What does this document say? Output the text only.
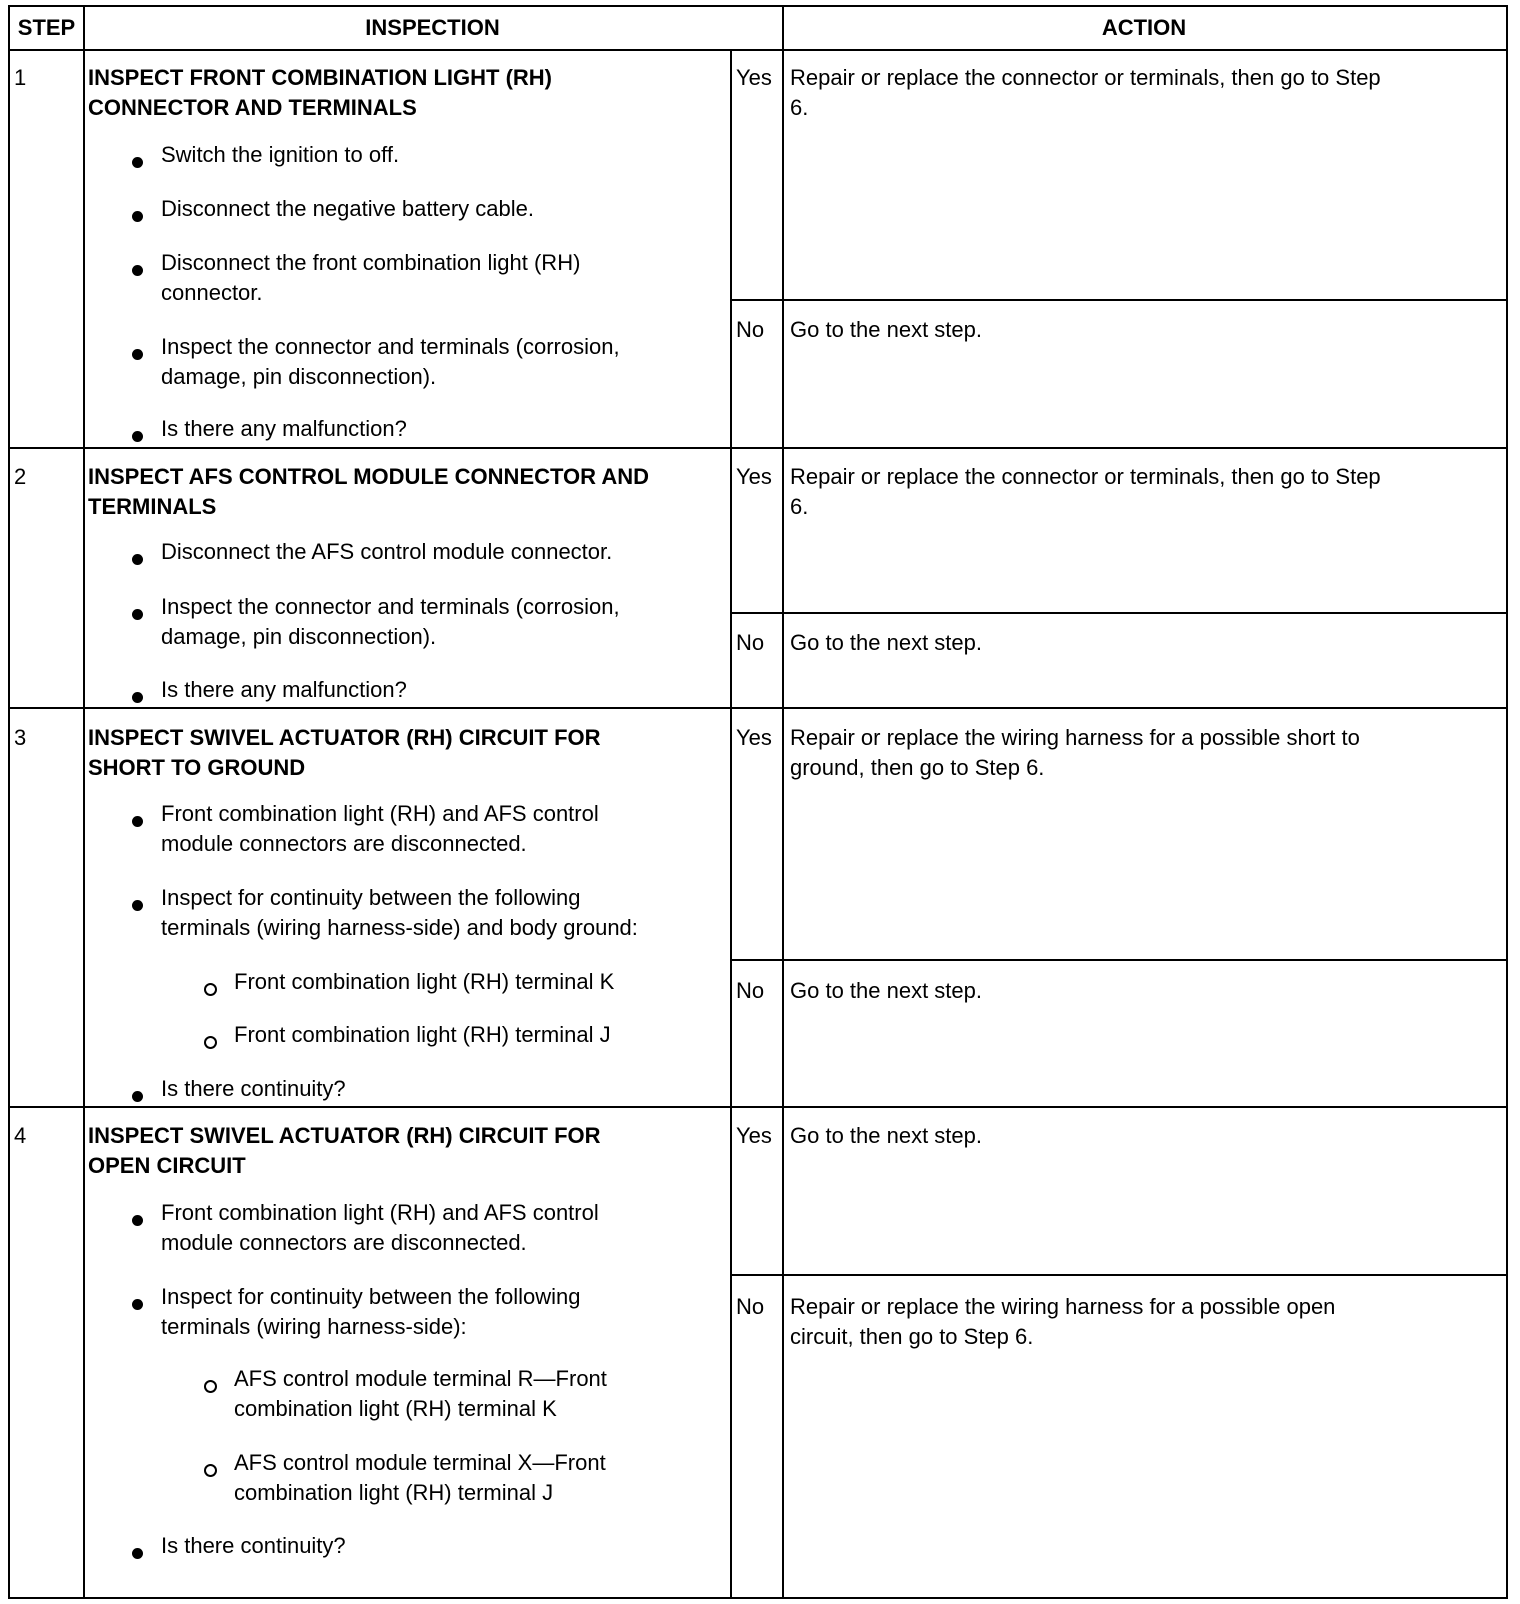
STEP	INSPECTION	ACTION
1	INSPECT FRONT COMBINATION LIGHT (RH)
CONNECTOR AND TERMINALS
Switch the ignition to off.
Disconnect the negative battery cable.
Disconnect the front combination light (RH)
connector.
Inspect the connector and terminals (corrosion,
damage, pin disconnection).
Is there any malfunction?
Yes Repair or replace the connector or terminals, then go to Step
6.
No Go to the next step.
2	INSPECT AFS CONTROL MODULE CONNECTOR AND
TERMINALS
Disconnect the AFS control module connector.
Inspect the connector and terminals (corrosion,
damage, pin disconnection).
Is there any malfunction?
Yes Repair or replace the connector or terminals, then go to Step
6.
No Go to the next step.
3	INSPECT SWIVEL ACTUATOR (RH) CIRCUIT FOR
SHORT TO GROUND
Front combination light (RH) and AFS control
module connectors are disconnected.
Inspect for continuity between the following
terminals (wiring harness-side) and body ground:
Front combination light (RH) terminal K
Front combination light (RH) terminal J
Is there continuity?
Yes Repair or replace the wiring harness for a possible short to
ground, then go to Step 6.
No Go to the next step.
4	INSPECT SWIVEL ACTUATOR (RH) CIRCUIT FOR
OPEN CIRCUIT
Front combination light (RH) and AFS control
module connectors are disconnected.
Inspect for continuity between the following
terminals (wiring harness-side):
AFS control module terminal R—Front
combination light (RH) terminal K
AFS control module terminal X—Front
combination light (RH) terminal J
Is there continuity?
Yes Go to the next step.
No Repair or replace the wiring harness for a possible open
circuit, then go to Step 6.
